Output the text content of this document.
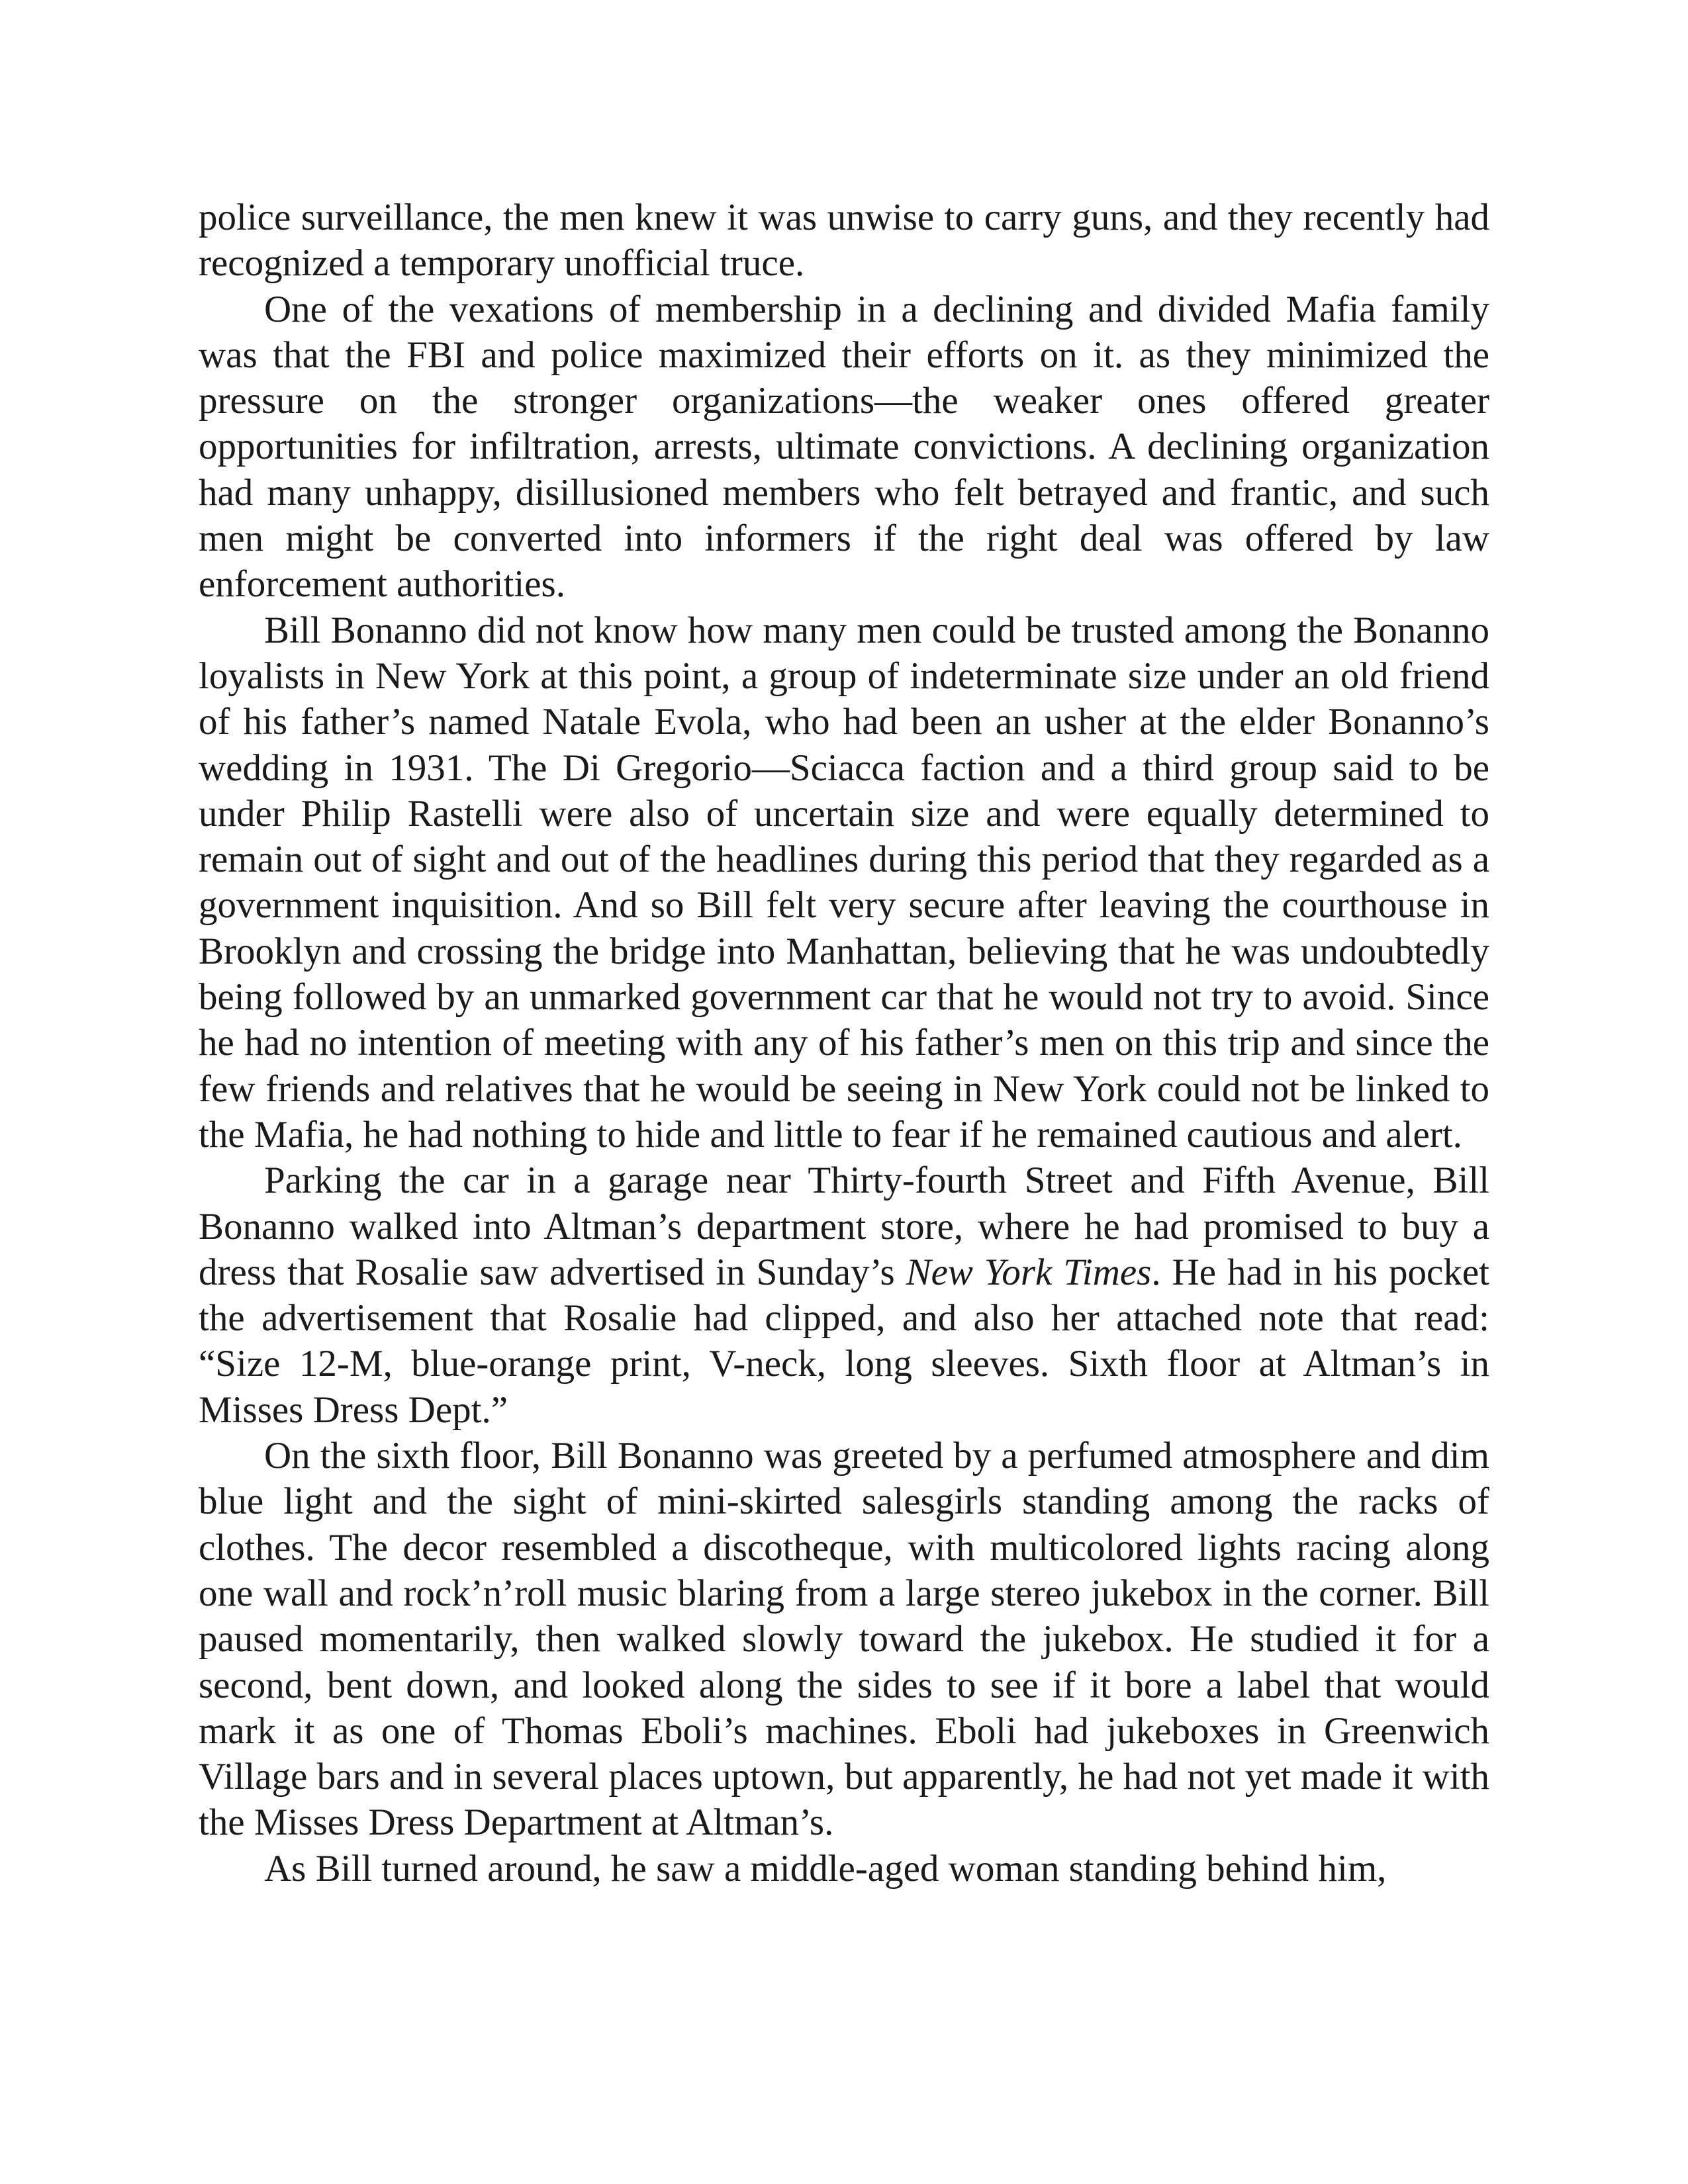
police surveillance, the men knew it was unwise to carry guns, and they recently had recognized a temporary unofficial truce.

One of the vexations of membership in a declining and divided Mafia family was that the FBI and police maximized their efforts on it. as they minimized the pressure on the stronger organizations—the weaker ones offered greater opportunities for infiltration, arrests, ultimate convictions. A declining organization had many unhappy, disillusioned members who felt betrayed and frantic, and such men might be converted into informers if the right deal was offered by law enforcement authorities.

Bill Bonanno did not know how many men could be trusted among the Bonanno loyalists in New York at this point, a group of indeterminate size under an old friend of his father’s named Natale Evola, who had been an usher at the elder Bonanno’s wedding in 1931. The Di Gregorio—Sciacca faction and a third group said to be under Philip Rastelli were also of uncertain size and were equally determined to remain out of sight and out of the headlines during this period that they regarded as a government inquisition. And so Bill felt very secure after leaving the courthouse in Brooklyn and crossing the bridge into Manhattan, believing that he was undoubtedly being followed by an unmarked government car that he would not try to avoid. Since he had no intention of meeting with any of his father’s men on this trip and since the few friends and relatives that he would be seeing in New York could not be linked to the Mafia, he had nothing to hide and little to fear if he remained cautious and alert.

Parking the car in a garage near Thirty-fourth Street and Fifth Avenue, Bill Bonanno walked into Altman’s department store, where he had promised to buy a dress that Rosalie saw advertised in Sunday’s New York Times. He had in his pocket the advertisement that Rosalie had clipped, and also her attached note that read: “Size 12-M, blue-orange print, V-neck, long sleeves. Sixth floor at Altman’s in Misses Dress Dept.”

On the sixth floor, Bill Bonanno was greeted by a perfumed atmosphere and dim blue light and the sight of mini-skirted salesgirls standing among the racks of clothes. The decor resembled a discotheque, with multicolored lights racing along one wall and rock’n’roll music blaring from a large stereo jukebox in the corner. Bill paused momentarily, then walked slowly toward the jukebox. He studied it for a second, bent down, and looked along the sides to see if it bore a label that would mark it as one of Thomas Eboli’s machines. Eboli had jukeboxes in Greenwich Village bars and in several places uptown, but apparently, he had not yet made it with the Misses Dress Department at Altman’s.

As Bill turned around, he saw a middle-aged woman standing behind him,
